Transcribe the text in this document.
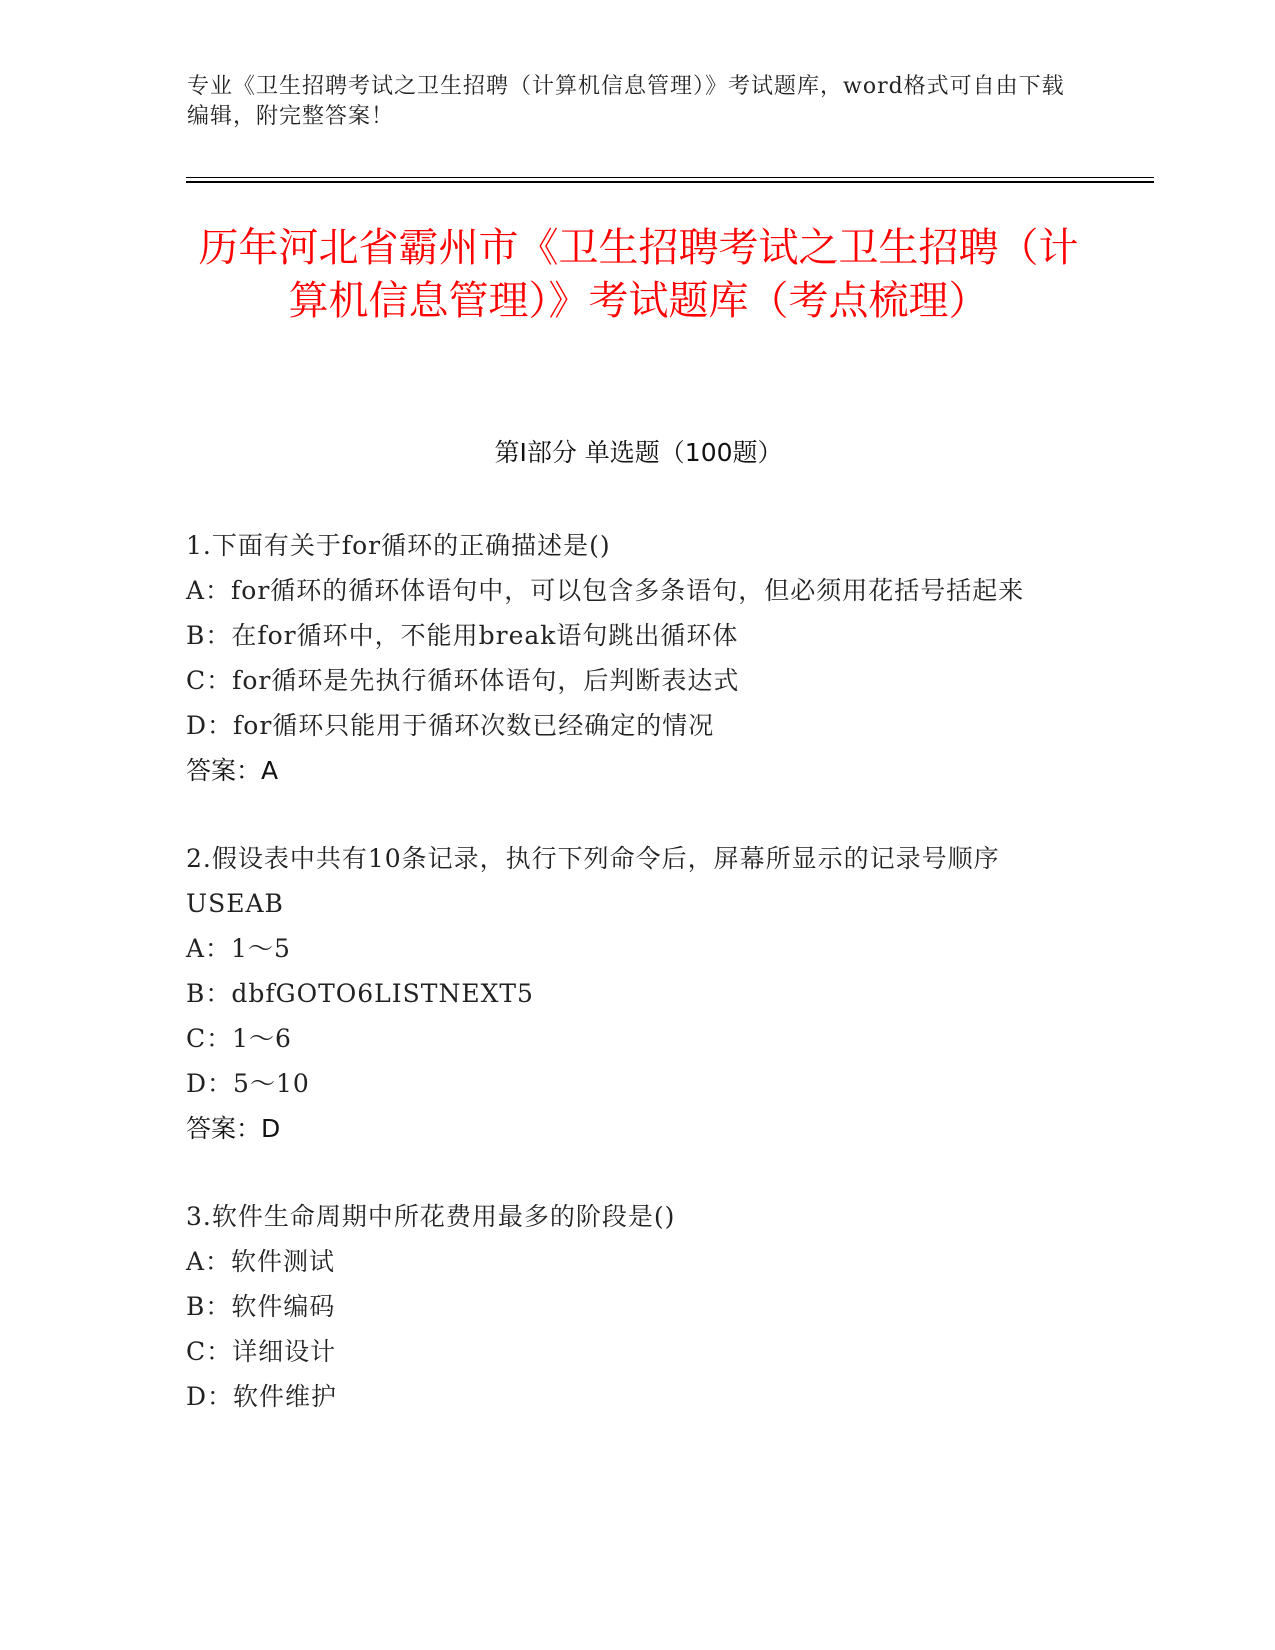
专业《卫生招聘考试之卫生招聘（计算机信息管理）》考试题库，word格式可自由下载编辑，附完整答案！
历年河北省霸州市《卫生招聘考试之卫生招聘（计算机信息管理）》考试题库（考点梳理）
第I部分 单选题（100题）

1.下面有关于for循环的正确描述是()

A：for循环的循环体语句中，可以包含多条语句，但必须用花括号括起来

B：在for循环中，不能用break语句跳出循环体

C：for循环是先执行循环体语句，后判断表达式

D：for循环只能用于循环次数已经确定的情况

答案：A

2.假设表中共有10条记录，执行下列命令后，屏幕所显示的记录号顺序USEAB

A：1～5

B：dbfGOTO6LISTNEXT5

C：1～6

D：5～10

答案：D

3.软件生命周期中所花费用最多的阶段是()

A：软件测试

B：软件编码

C：详细设计

D：软件维护
